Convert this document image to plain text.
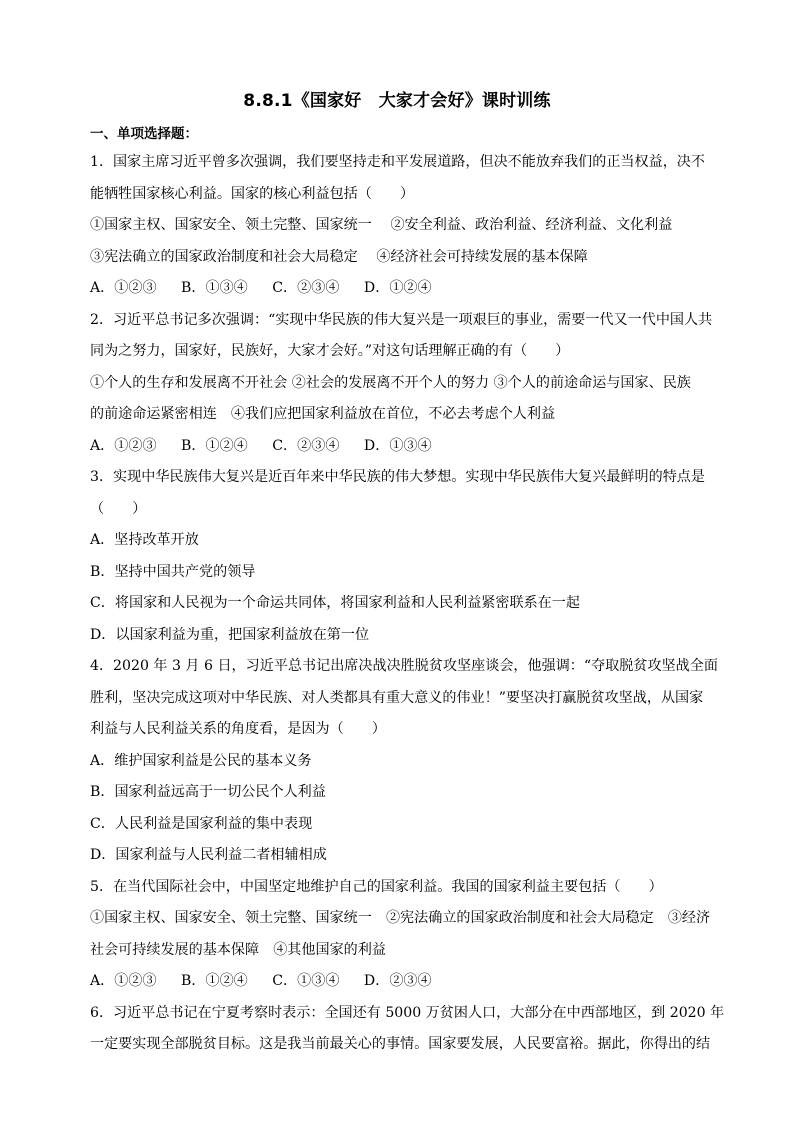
8.8.1《国家好　大家才会好》课时训练
一、单项选择题：
1．国家主席习近平曾多次强调，我们要坚持走和平发展道路，但决不能放弃我们的正当权益，决不
能牺牲国家核心利益。国家的核心利益包括（　　）
①国家主权、国家安全、领土完整、国家统一　 ②安全利益、政治利益、经济利益、文化利益
③宪法确立的国家政治制度和社会大局稳定　 ④经济社会可持续发展的基本保障
A．①②③ B．①③④ C．②③④ D．①②④
2．习近平总书记多次强调：“实现中华民族的伟大复兴是一项艰巨的事业，需要一代又一代中国人共
同为之努力，国家好，民族好，大家才会好。”对这句话理解正确的有（　　）
①个人的生存和发展离不开社会 ②社会的发展离不开个人的努力 ③个人的前途命运与国家、民族
的前途命运紧密相连　④我们应把国家利益放在首位，不必去考虑个人利益
A．①②③ B．①②④ C．②③④ D．①③④
3．实现中华民族伟大复兴是近百年来中华民族的伟大梦想。实现中华民族伟大复兴最鲜明的特点是
（　　）
A．坚持改革开放
B．坚持中国共产党的领导
C．将国家和人民视为一个命运共同体，将国家利益和人民利益紧密联系在一起
D．以国家利益为重，把国家利益放在第一位
4．2020 年 3 月 6 日，习近平总书记出席决战决胜脱贫攻坚座谈会，他强调：“夺取脱贫攻坚战全面
胜利，坚决完成这项对中华民族、对人类都具有重大意义的伟业！”要坚决打赢脱贫攻坚战，从国家
利益与人民利益关系的角度看，是因为（　　）
A．维护国家利益是公民的基本义务
B．国家利益远高于一切公民个人利益
C．人民利益是国家利益的集中表现
D．国家利益与人民利益二者相辅相成
5．在当代国际社会中，中国坚定地维护自己的国家利益。我国的国家利益主要包括（　　）
①国家主权、国家安全、领土完整、国家统一　②宪法确立的国家政治制度和社会大局稳定　③经济
社会可持续发展的基本保障　④其他国家的利益
A．①②③ B．①②④ C．①③④ D．②③④
6．习近平总书记在宁夏考察时表示：全国还有 5000 万贫困人口，大部分在中西部地区，到 2020 年
一定要实现全部脱贫目标。这是我当前最关心的事情。国家要发展，人民要富裕。据此，你得出的结
